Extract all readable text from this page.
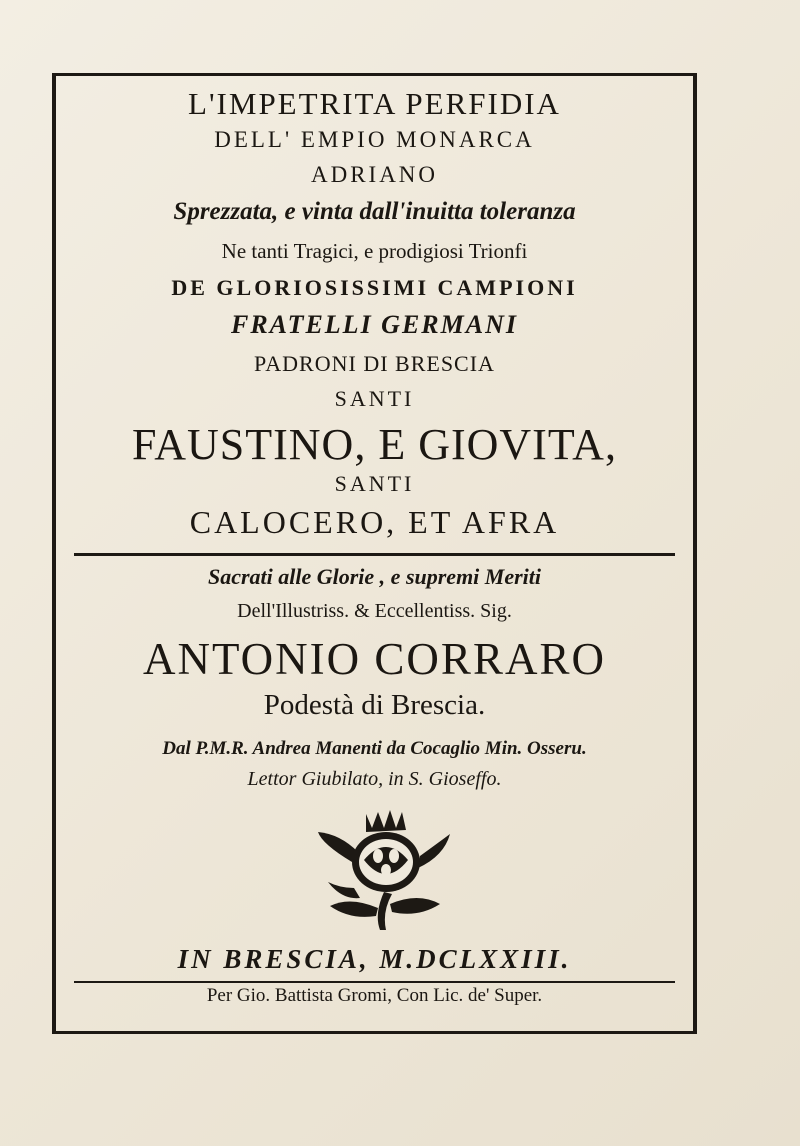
L'IMPETRITA PERFIDIA
DELL' EMPIO MONARCA
ADRIANO
Sprezzata, e vinta dall'inuitta toleranza
Ne tanti Tragici, e prodigiosi Trionfi
DE GLORIOSISSIMI CAMPIONI
FRATELLI GERMANI
PADRONI DI BRESCIA
SANTI
FAUSTINO, E GIOVITA,
SANTI
CALOCERO, ET AFRA
Sacrati alle Glorie , e supremi Meriti
Dell'Illustriss. & Eccellentiss. Sig.
ANTONIO CORRARO
Podestà di Brescia.
Dal P.M.R. Andrea Manenti da Cocaglio Min. Osseru.
Lettor Giubilato, in S. Gioseffo.
IN BRESCIA, M.DCLXXIII.
Per Gio. Battista Gromi, Con Lic. de' Super.
